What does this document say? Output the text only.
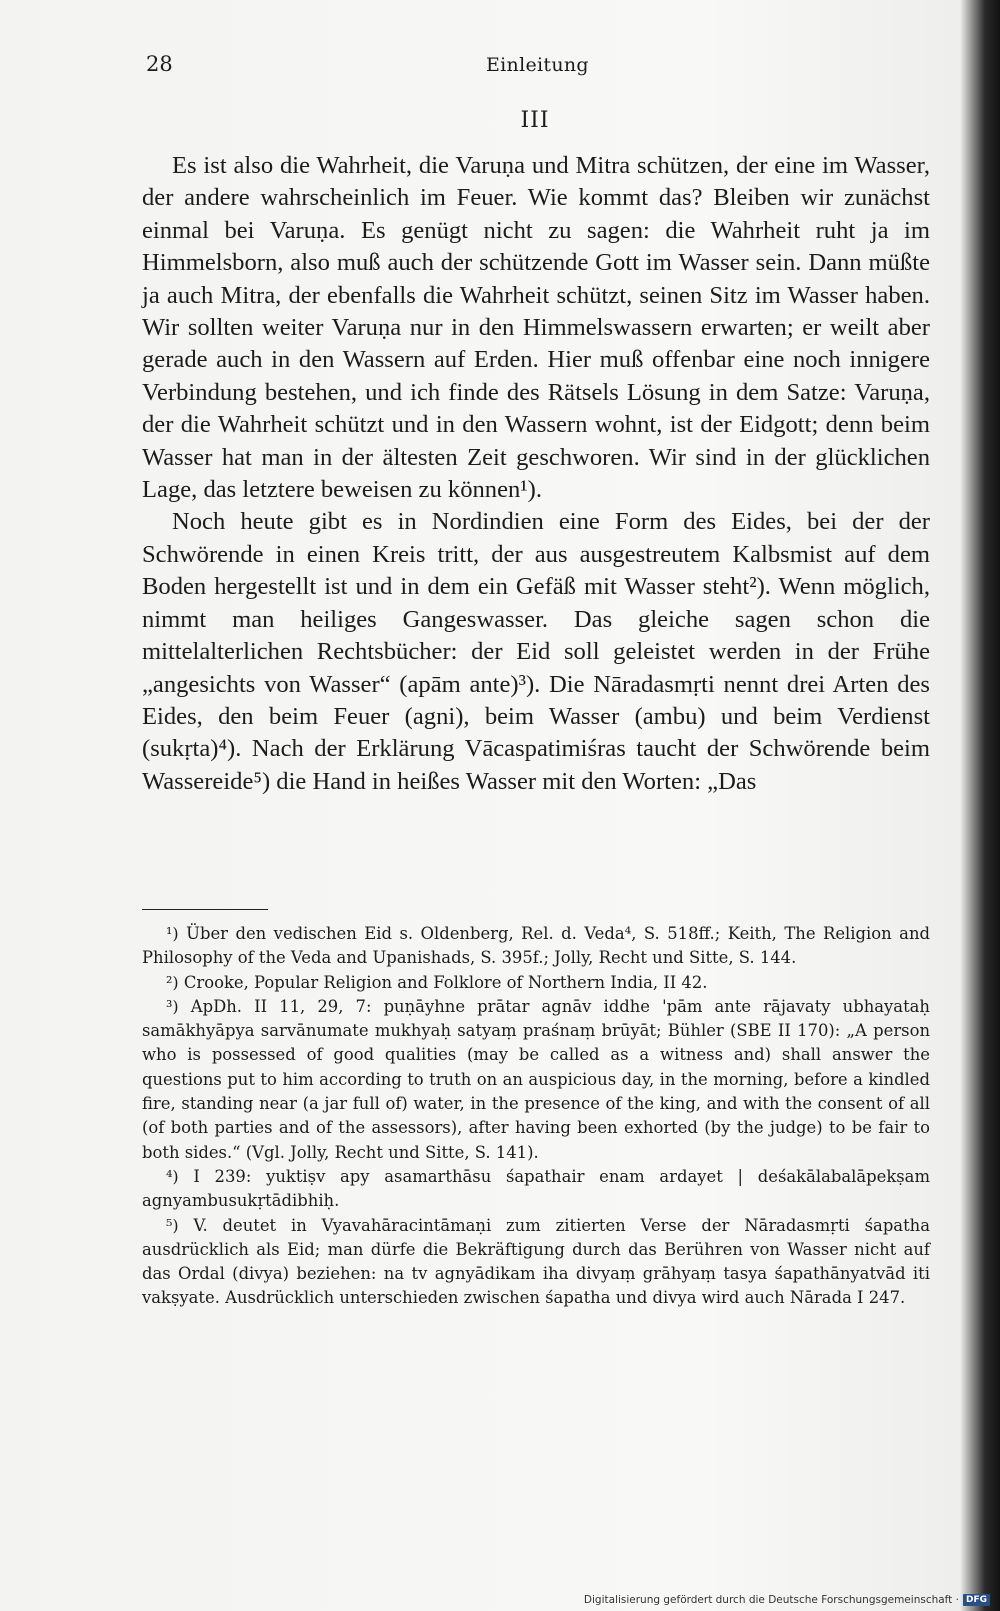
28	Einleitung
III

Es ist also die Wahrheit, die Varuṇa und Mitra schützen, der eine im Wasser, der andere wahrscheinlich im Feuer. Wie kommt das? Bleiben wir zunächst einmal bei Varuṇa. Es genügt nicht zu sagen: die Wahrheit ruht ja im Himmelsborn, also muß auch der schützende Gott im Wasser sein. Dann müßte ja auch Mitra, der ebenfalls die Wahrheit schützt, seinen Sitz im Wasser haben. Wir sollten weiter Varuṇa nur in den Himmelswassern erwarten; er weilt aber gerade auch in den Wassern auf Erden. Hier muß offenbar eine noch innigere Verbindung bestehen, und ich finde des Rätsels Lösung in dem Satze: Varuṇa, der die Wahrheit schützt und in den Wassern wohnt, ist der Eidgott; denn beim Wasser hat man in der ältesten Zeit geschworen. Wir sind in der glücklichen Lage, das letztere beweisen zu können¹).

Noch heute gibt es in Nordindien eine Form des Eides, bei der der Schwörende in einen Kreis tritt, der aus ausgestreutem Kalbsmist auf dem Boden hergestellt ist und in dem ein Gefäß mit Wasser steht²). Wenn möglich, nimmt man heiliges Gangeswasser. Das gleiche sagen schon die mittelalterlichen Rechtsbücher: der Eid soll geleistet werden in der Frühe „angesichts von Wasser“ (apām ante)³). Die Nāradasmṛti nennt drei Arten des Eides, den beim Feuer (agni), beim Wasser (ambu) und beim Verdienst (sukṛta)⁴). Nach der Erklärung Vācaspatimiśras taucht der Schwörende beim Wassereide⁵) die Hand in heißes Wasser mit den Worten: „Das

¹) Über den vedischen Eid s. Oldenberg, Rel. d. Veda⁴, S. 518ff.; Keith, The Religion and Philosophy of the Veda and Upanishads, S. 395f.; Jolly, Recht und Sitte, S. 144.

²) Crooke, Popular Religion and Folklore of Northern India, II 42.

³) ApDh. II 11, 29, 7: puṇāyhne prātar agnāv iddhe 'pām ante rājavaty ubhayataḥ samākhyāpya sarvānumate mukhyaḥ satyaṃ praśnaṃ brūyāt; Bühler (SBE II 170): „A person who is possessed of good qualities (may be called as a witness and) shall answer the questions put to him according to truth on an auspicious day, in the morning, before a kindled fire, standing near (a jar full of) water, in the presence of the king, and with the consent of all (of both parties and of the assessors), after having been exhorted (by the judge) to be fair to both sides.“ (Vgl. Jolly, Recht und Sitte, S. 141).

⁴) I 239: yuktiṣv apy asamarthāsu śapathair enam ardayet | deśakālabalāpekṣam agnyambusukṛtādibhiḥ.

⁵) V. deutet in Vyavahāracintāmaṇi zum zitierten Verse der Nāradasmṛti śapatha ausdrücklich als Eid; man dürfe die Bekräftigung durch das Berühren von Wasser nicht auf das Ordal (divya) beziehen: na tv agnyādikam iha divyaṃ grāhyaṃ tasya śapathānyatvād iti vakṣyate. Ausdrücklich unterschieden zwischen śapatha und divya wird auch Nārada I 247.

Digitalisierung gefördert durch die Deutsche Forschungsgemeinschaft · DFG
